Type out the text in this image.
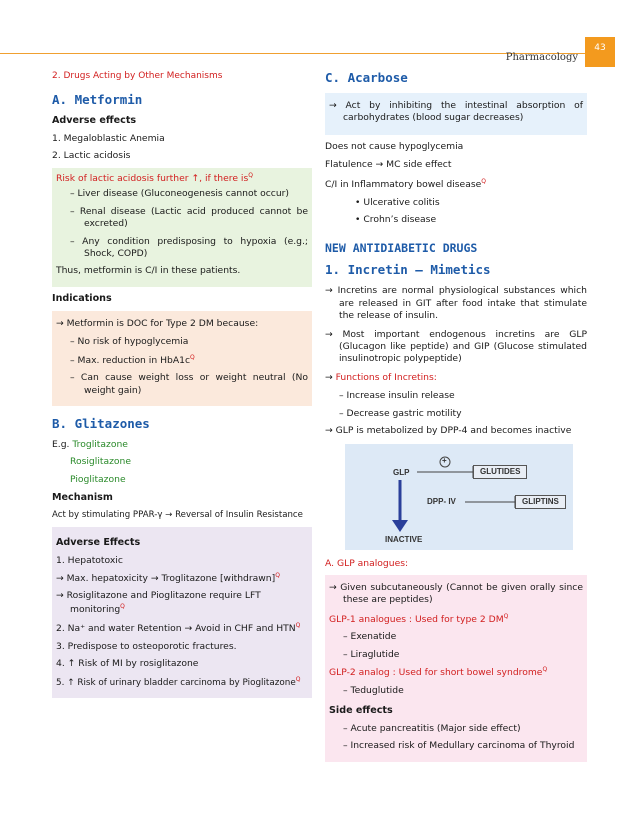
43
Pharmacology
2. Drugs Acting by Other Mechanisms
A. Metformin
Adverse effects
1. Megaloblastic Anemia
2. Lactic acidosis
Risk of lactic acidosis further ↑, if there $is^Q$
– Liver disease (Gluconeogenesis cannot occur)
– Renal disease (Lactic acid produced cannot be excreted)
– Any condition predisposing to hypoxia (e.g.; Shock, COPD)
Thus, metformin is C/I in these patients.
Indications
→ Metformin is DOC for Type 2 DM because:
– No risk of hypoglycemia
– Max. reduction in $HbA1c^Q$
– Can cause weight loss or weight neutral (No weight gain)
B. Glitazones
E.g. Troglitazone
Rosiglitazone
Pioglitazone
Mechanism
Act by stimulating PPAR-γ → Reversal of Insulin Resistance
Adverse Effects
1. Hepatotoxic
→ Max. hepatoxicity → Troglitazone [withdrawn]$^Q$
→ Rosiglitazone and Pioglitazone require LFT monitoring$^Q$
2. Na⁺ and water Retention → Avoid in CHF and $HTN^Q$
3. Predispose to osteoporotic fractures.
4. ↑ Risk of MI by rosiglitazone
5. ↑ Risk of urinary bladder carcinoma by Pioglitazone$^Q$
C. Acarbose
→ Act by inhibiting the intestinal absorption of carbohydrates (blood sugar decreases)
Does not cause hypoglycemia
Flatulence → MC side effect
C/I in Inflammatory bowel disease$^Q$
• Ulcerative colitis
• Crohn’s disease
NEW ANTIDIABETIC DRUGS
1. Incretin – Mimetics
→ Incretins are normal physiological substances which are released in GIT after food intake that stimulate the release of insulin.
→ Most important endogenous incretins are GLP (Glucagon like peptide) and GIP (Glucose stimulated insulinotropic polypeptide)
→ Functions of Incretins:
– Increase insulin release
– Decrease gastric motility
→ GLP is metabolized by DPP-4 and becomes inactive
GLP
+
GLUTIDES
DPP- IV	GLIPTINS
INACTIVE
A. GLP analogues:
→ Given subcutaneously (Cannot be given orally since these are peptides)
GLP-1 analogues : Used for type 2 $DM^Q$
– Exenatide
– Liraglutide
GLP-2 analog : Used for short bowel syndrome$^Q$
– Teduglutide
Side effects
– Acute pancreatitis (Major side effect)
– Increased risk of Medullary carcinoma of Thyroid
